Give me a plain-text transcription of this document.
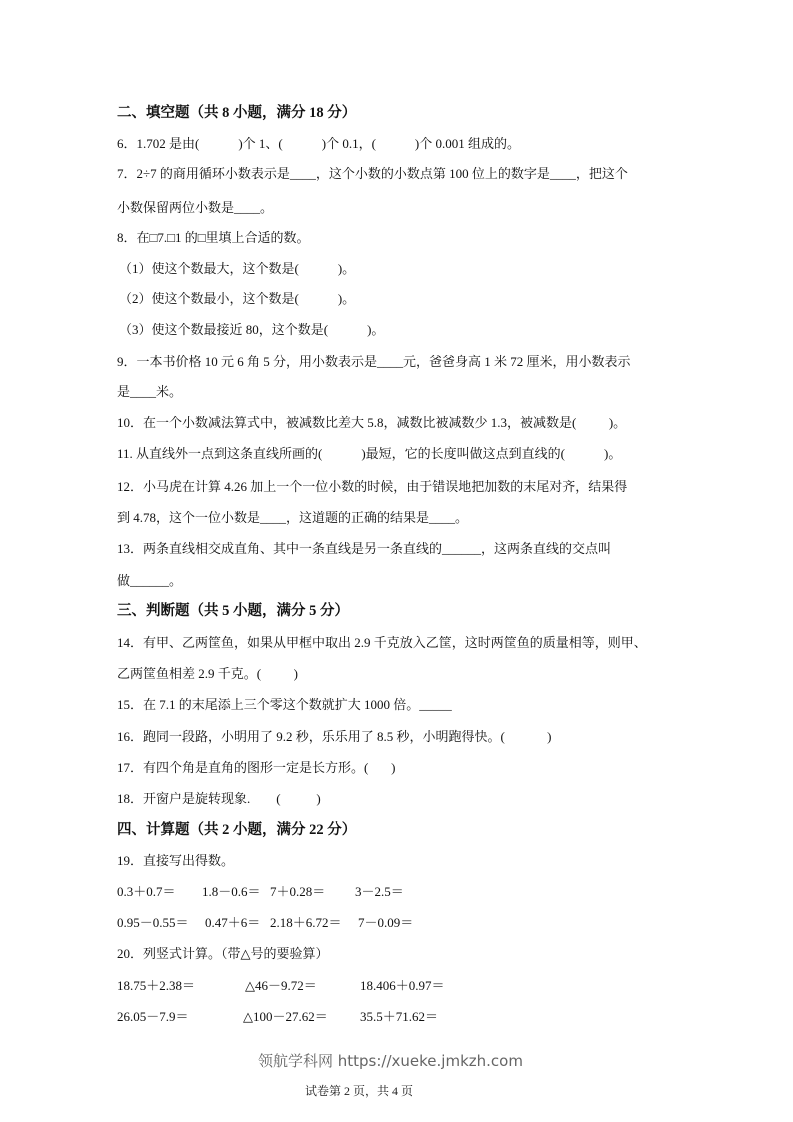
二、填空题（共 8 小题，满分 18 分）
6．1.702 是由(            )个 1、(            )个 0.1，(            )个 0.001 组成的。
7．2÷7 的商用循环小数表示是____，这个小数的小数点第 100 位上的数字是____，把这个
小数保留两位小数是____。
8．在□7.□1 的□里填上合适的数。
（1）使这个数最大，这个数是(            )。
（2）使这个数最小，这个数是(            )。
（3）使这个数最接近 80，这个数是(            )。
9．一本书价格 10 元 6 角 5 分，用小数表示是____元，爸爸身高 1 米 72 厘米，用小数表示
是____米。
10．在一个小数减法算式中，被减数比差大 5.8，减数比被减数少 1.3，被减数是(          )。
11. 从直线外一点到这条直线所画的(            )最短，它的长度叫做这点到直线的(            )。
12．小马虎在计算 4.26 加上一个一位小数的时候，由于错误地把加数的末尾对齐，结果得
到 4.78，这个一位小数是____，这道题的正确的结果是____。
13．两条直线相交成直角、其中一条直线是另一条直线的______，这两条直线的交点叫
做______。
三、判断题（共 5 小题，满分 5 分）
14．有甲、乙两筐鱼，如果从甲框中取出 2.9 千克放入乙筐，这时两筐鱼的质量相等，则甲、
乙两筐鱼相差 2.9 千克。(          )
15．在 7.1 的末尾添上三个零这个数就扩大 1000 倍。_____
16．跑同一段路，小明用了 9.2 秒，乐乐用了 8.5 秒，小明跑得快。(             )
17．有四个角是直角的图形一定是长方形。(       )
18．开窗户是旋转现象.        (           )
四、计算题（共 2 小题，满分 22 分）
19．直接写出得数。
0.3＋0.7＝ 1.8－0.6＝ 7＋0.28＝ 3－2.5＝
0.95－0.55＝ 0.47＋6＝ 2.18＋6.72＝ 7－0.09＝
20．列竖式计算。（带△号的要验算）
18.75＋2.38＝	△46－9.72＝	18.406＋0.97＝
26.05－7.9＝	△100－27.62＝ 35.5＋71.62＝
领航学科网 https://xueke.jmkzh.com
试卷第 2 页，共 4 页
